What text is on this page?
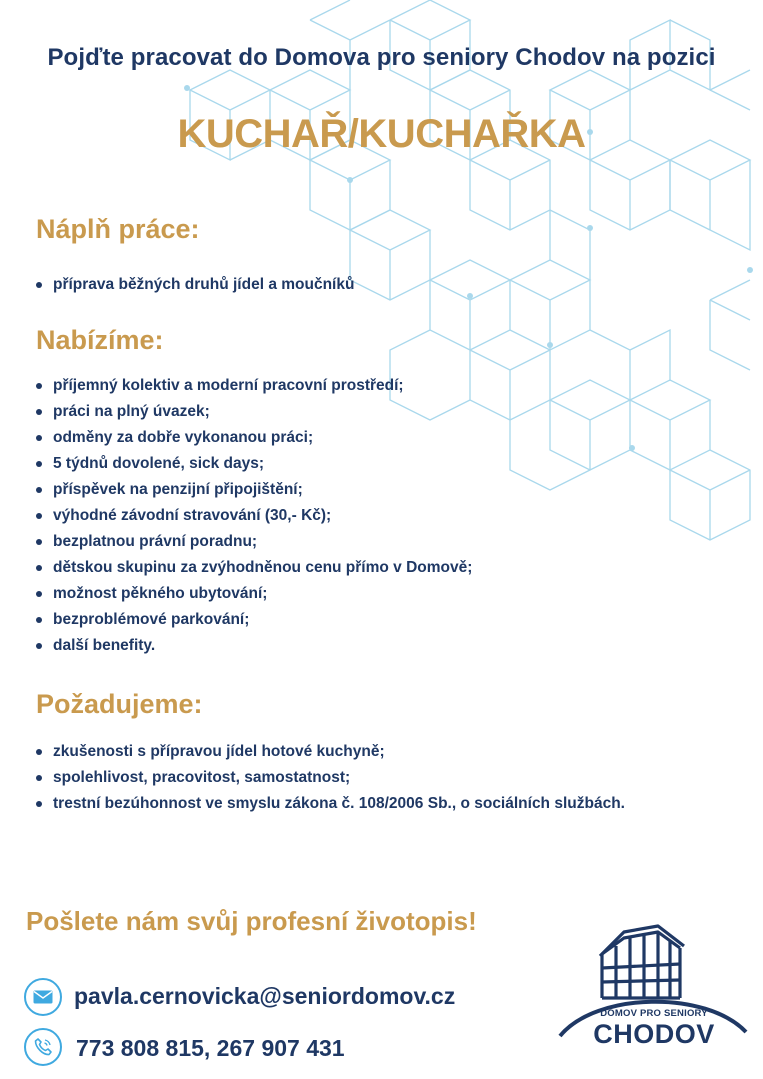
Pojďte pracovat do Domova pro seniory Chodov na pozici
KUCHAŘ/KUCHAŘKA
Náplň práce:
příprava běžných druhů jídel a moučníků
Nabízíme:
příjemný kolektiv a moderní pracovní prostředí;
práci na plný úvazek;
odměny za dobře vykonanou práci;
5 týdnů dovolené, sick days;
příspěvek na penzijní připojištění;
výhodné závodní stravování (30,- Kč);
bezplatnou právní poradnu;
dětskou skupinu za zvýhodněnou cenu přímo v Domově;
možnost pěkného ubytování;
bezproblémové parkování;
další benefity.
Požadujeme:
zkušenosti s přípravou jídel hotové kuchyně;
spolehlivost, pracovitost, samostatnost;
trestní bezúhonnost ve smyslu zákona č. 108/2006 Sb., o sociálních službách.
Pošlete nám svůj profesní životopis!
pavla.cernovicka@seniordomov.cz
773 808 815, 267 907 431
DOMOV PRO SENIORY
CHODOV
